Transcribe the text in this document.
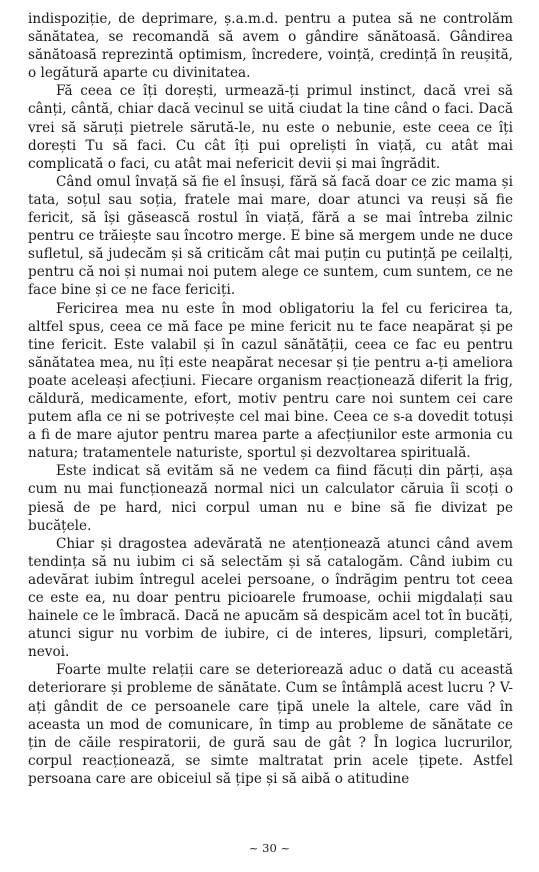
indispoziție, de deprimare, ș.a.m.d. pentru a putea să ne controlăm sănătatea, se recomandă să avem o gândire sănătoasă. Gândirea sănătoasă reprezintă optimism, încredere, voință, credință în reușită, o legătură aparte cu divinitatea.

Fă ceea ce îți dorești, urmează-ți primul instinct, dacă vrei să cânți, cântă, chiar dacă vecinul se uită ciudat la tine când o faci. Dacă vrei să săruți pietrele sărută-le, nu este o nebunie, este ceea ce îți dorești Tu să faci. Cu cât îți pui opreliști în viață, cu atât mai complicată o faci, cu atât mai nefericit devii și mai îngrădit.

Când omul învață să fie el însuși, fără să facă doar ce zic mama și tata, soțul sau soția, fratele mai mare, doar atunci va reuși să fie fericit, să își găsească rostul în viață, fără a se mai întreba zilnic pentru ce trăiește sau încotro merge. E bine să mergem unde ne duce sufletul, să judecăm și să criticăm cât mai puțin cu putință pe ceilalți, pentru că noi și numai noi putem alege ce suntem, cum suntem, ce ne face bine și ce ne face fericiți.

Fericirea mea nu este în mod obligatoriu la fel cu fericirea ta, altfel spus, ceea ce mă face pe mine fericit nu te face neapărat și pe tine fericit. Este valabil și în cazul sănătății, ceea ce fac eu pentru sănătatea mea, nu îți este neapărat necesar și ție pentru a-ți ameliora poate aceleași afecțiuni. Fiecare organism reacționează diferit la frig, căldură, medicamente, efort, motiv pentru care noi suntem cei care putem afla ce ni se potrivește cel mai bine. Ceea ce s-a dovedit totuși a fi de mare ajutor pentru marea parte a afecțiunilor este armonia cu natura; tratamentele naturiste, sportul și dezvoltarea spirituală.

Este indicat să evităm să ne vedem ca fiind făcuți din părți, așa cum nu mai funcționează normal nici un calculator căruia îi scoți o piesă de pe hard, nici corpul uman nu e bine să fie divizat pe bucățele.

Chiar și dragostea adevărată ne atenționează atunci când avem tendința să nu iubim ci să selectăm și să catalogăm. Când iubim cu adevărat iubim întregul acelei persoane, o îndrăgim pentru tot ceea ce este ea, nu doar pentru picioarele frumoase, ochii migdalați sau hainele ce le îmbracă. Dacă ne apucăm să despicăm acel tot în bucăți, atunci sigur nu vorbim de iubire, ci de interes, lipsuri, completări, nevoi.

Foarte multe relații care se deteriorează aduc o dată cu această deteriorare și probleme de sănătate. Cum se întâmplă acest lucru ? V-ați gândit de ce persoanele care țipă unele la altele, care văd în aceasta un mod de comunicare, în timp au probleme de sănătate ce țin de căile respiratorii, de gură sau de gât ? În logica lucrurilor, corpul reacționează, se simte maltratat prin acele țipete. Astfel persoana care are obiceiul să țipe și să aibă o atitudine

~ 30 ~
